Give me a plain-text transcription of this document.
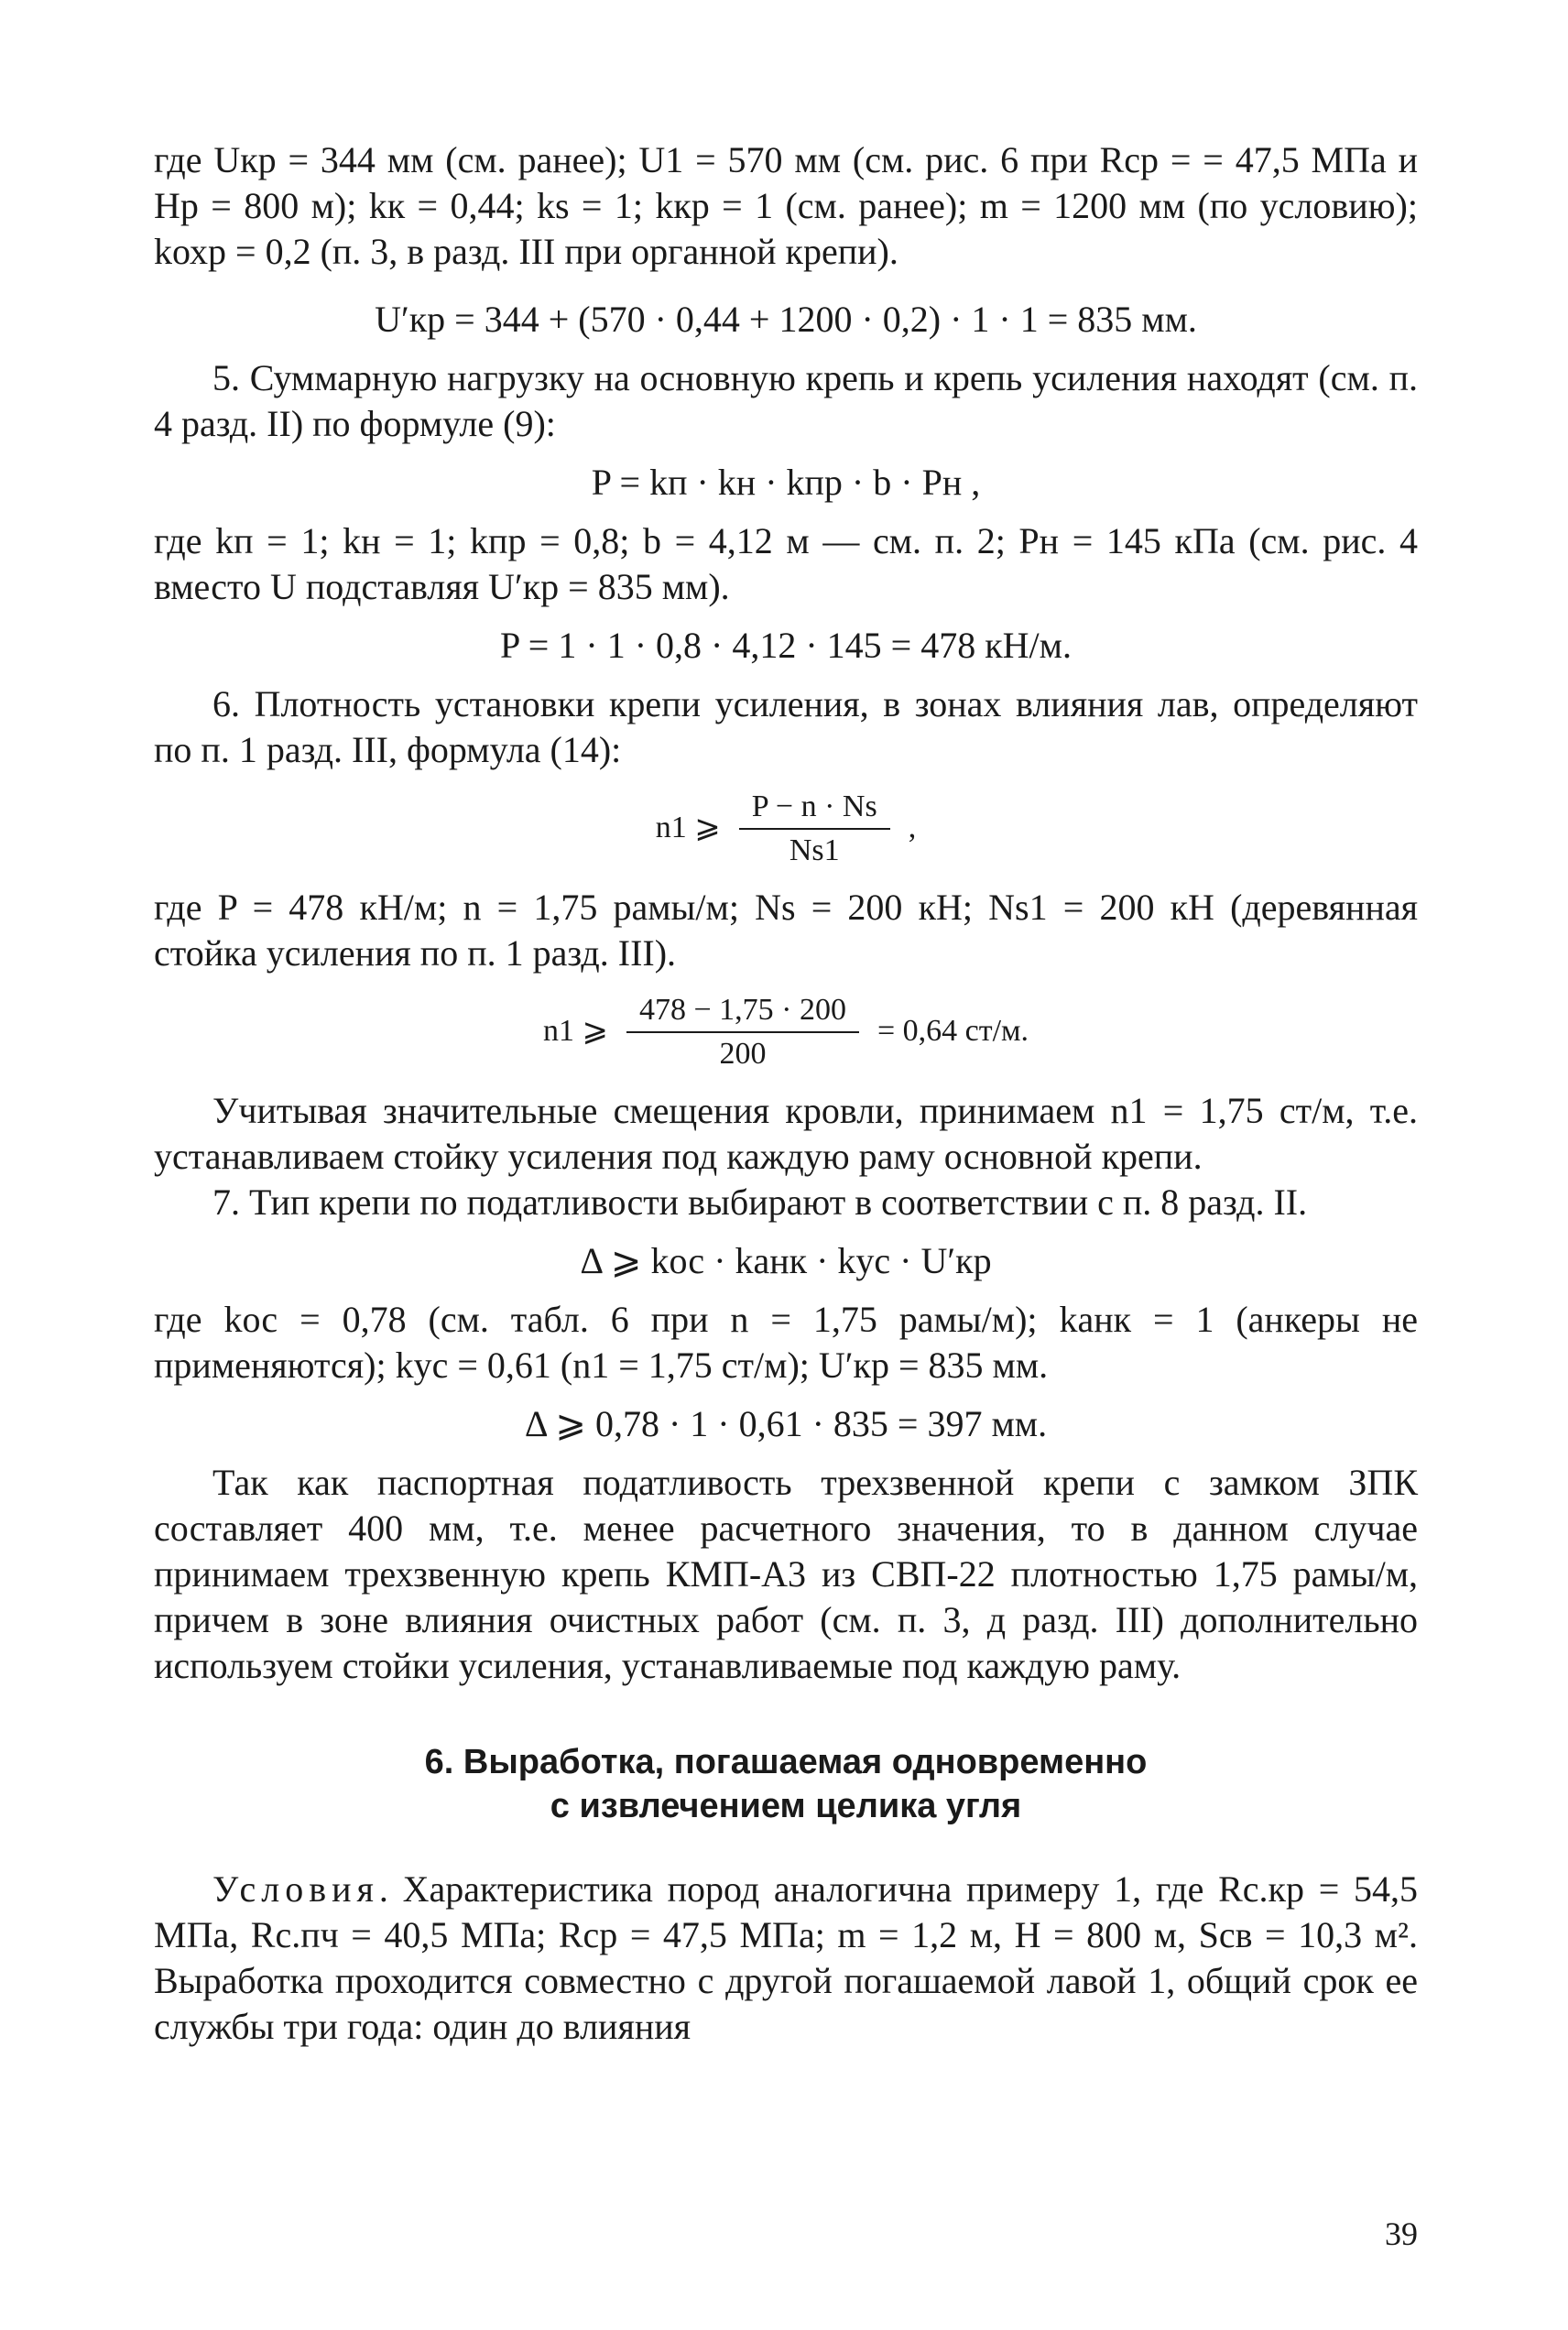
где Uкр = 344 мм (см. ранее); U1 = 570 мм (см. рис. 6 при Rср = = 47,5 МПа и Hр = 800 м); kк = 0,44; ks = 1; kкр = 1 (см. ранее); m = 1200 мм (по условию); kохр = 0,2 (п. 3, в разд. III при органной крепи).

U′кр = 344 + (570 · 0,44 + 1200 · 0,2) · 1 · 1 = 835 мм.

5. Суммарную нагрузку на основную крепь и крепь усиления находят (см. п. 4 разд. II) по формуле (9):

P = kп · kн · kпр · b · Pн ,

где kп = 1; kн = 1; kпр = 0,8; b = 4,12 м — см. п. 2; Pн = 145 кПа (см. рис. 4 вместо U подставляя U′кр = 835 мм).

P = 1 · 1 · 0,8 · 4,12 · 145 = 478 кН/м.

6. Плотность установки крепи усиления, в зонах влияния лав, определяют по п. 1 разд. III, формула (14):

n1 ⩾ $\frac{P - n \cdot Ns}{Ns1}$ ,

где P = 478 кН/м; n = 1,75 рамы/м; Ns = 200 кН; Ns1 = 200 кН (деревянная стойка усиления по п. 1 разд. III).

n1 ⩾ $\frac{478 - 1,75 \cdot 200}{200} = 0,64$ ст/м.

Учитывая значительные смещения кровли, принимаем n1 = 1,75 ст/м, т.е. устанавливаем стойку усиления под каждую раму основной крепи.

7. Тип крепи по податливости выбирают в соответствии с п. 8 разд. II.

Δ ⩾ kос · kанк · kус · U′кр

где kос = 0,78 (см. табл. 6 при n = 1,75 рамы/м); kанк = 1 (анкеры не применяются); kус = 0,61 (n1 = 1,75 ст/м); U′кр = 835 мм.

Δ ⩾ 0,78 · 1 · 0,61 · 835 = 397 мм.

Так как паспортная податливость трехзвенной крепи с замком ЗПК составляет 400 мм, т.е. менее расчетного значения, то в данном случае принимаем трехзвенную крепь КМП-А3 из СВП-22 плотностью 1,75 рамы/м, причем в зоне влияния очистных работ (см. п. 3, д разд. III) дополнительно используем стойки усиления, устанавливаемые под каждую раму.

6. Выработка, погашаемая одновременно
с извлечением целика угля

Условия. Характеристика пород аналогична примеру 1, где Rс.кр = 54,5 МПа, Rс.пч = 40,5 МПа; Rср = 47,5 МПа; m = 1,2 м, H = 800 м, Sсв = 10,3 м². Выработка проходится совместно с другой погашаемой лавой 1, общий срок ее службы три года: один до влияния

39
